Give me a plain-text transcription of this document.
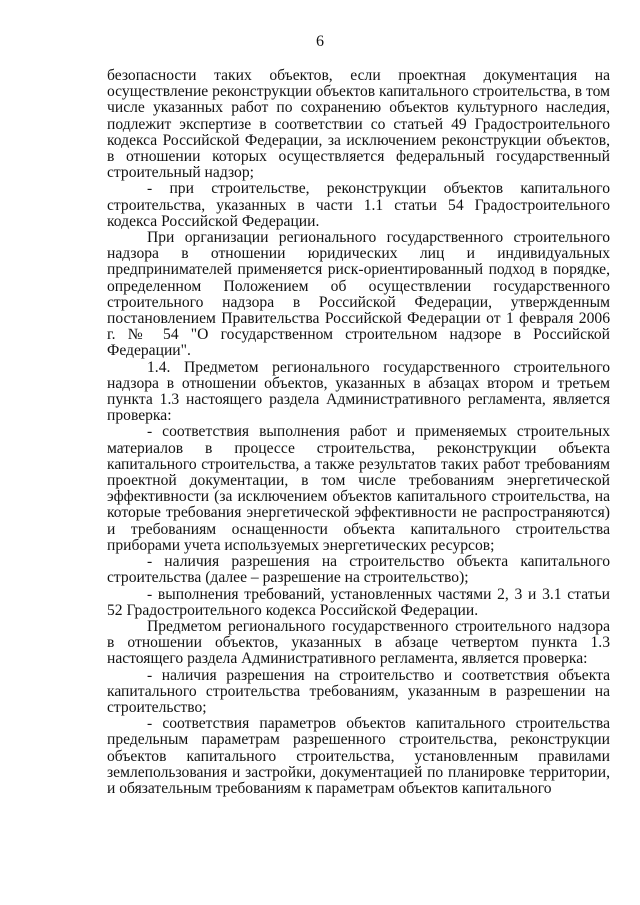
6

безопасности таких объектов, если проектная документация на осуществление реконструкции объектов капитального строительства, в том числе указанных работ по сохранению объектов культурного наследия, подлежит экспертизе в соответствии со статьей 49 Градостроительного кодекса Российской Федерации, за исключением реконструкции объектов, в отношении которых осуществляется федеральный государственный строительный надзор;

- при строительстве, реконструкции объектов капитального строительства, указанных в части 1.1 статьи 54 Градостроительного кодекса Российской Федерации.

При организации регионального государственного строительного надзора в отношении юридических лиц и индивидуальных предпринимателей применяется риск-ориентированный подход в порядке, определенном Положением об осуществлении государственного строительного надзора в Российской Федерации, утвержденным постановлением Правительства Российской Федерации от 1 февраля 2006 г. № 54 "О государственном строительном надзоре в Российской Федерации".

1.4. Предметом регионального государственного строительного надзора в отношении объектов, указанных в абзацах втором и третьем пункта 1.3 настоящего раздела Административного регламента, является проверка:

- соответствия выполнения работ и применяемых строительных материалов в процессе строительства, реконструкции объекта капитального строительства, а также результатов таких работ требованиям проектной документации, в том числе требованиям энергетической эффективности (за исключением объектов капитального строительства, на которые требования энергетической эффективности не распространяются) и требованиям оснащенности объекта капитального строительства приборами учета используемых энергетических ресурсов;

- наличия разрешения на строительство объекта капитального строительства (далее – разрешение на строительство);

- выполнения требований, установленных частями 2, 3 и 3.1 статьи 52 Градостроительного кодекса Российской Федерации.

Предметом регионального государственного строительного надзора в отношении объектов, указанных в абзаце четвертом пункта 1.3 настоящего раздела Административного регламента, является проверка:

- наличия разрешения на строительство и соответствия объекта капитального строительства требованиям, указанным в разрешении на строительство;

- соответствия параметров объектов капитального строительства предельным параметрам разрешенного строительства, реконструкции объектов капитального строительства, установленным правилами землепользования и застройки, документацией по планировке территории, и обязательным требованиям к параметрам объектов капитального
